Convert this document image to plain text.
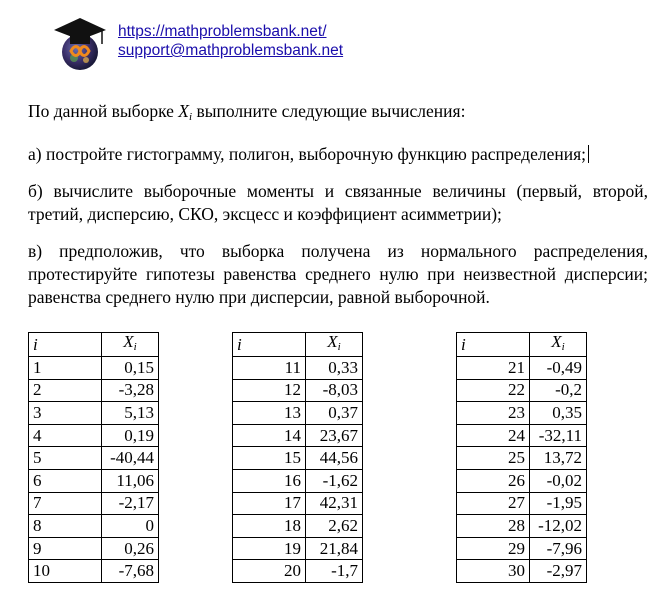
https://mathproblemsbank.net/
support@mathproblemsbank.net

По данной выборке $X_i$ выполните следующие вычисления:

а) постройте гистограмму, полигон, выборочную функцию распределения;

б) вычислите выборочные моменты и связанные величины (первый, второй, третий, дисперсию, СКО, эксцесс и коэффициент асимметрии);

в) предположив, что выборка получена из нормального распределения, протестируйте гипотезы равенства среднего нулю при неизвестной дисперсии; равенства среднего нулю при дисперсии, равной выборочной.

i	$X_i$
1	0,15
2	-3,28
3	5,13
4	0,19
5	-40,44
6	11,06
7	-2,17
8	0
9	0,26
10	-7,68
i	$X_i$
11	0,33
12	-8,03
13	0,37
14	23,67
15	44,56
16	-1,62
17	42,31
18	2,62
19	21,84
20	-1,7
i	$X_i$
21	-0,49
22	-0,2
23	0,35
24	-32,11
25	13,72
26	-0,02
27	-1,95
28	-12,02
29	-7,96
30	-2,97
